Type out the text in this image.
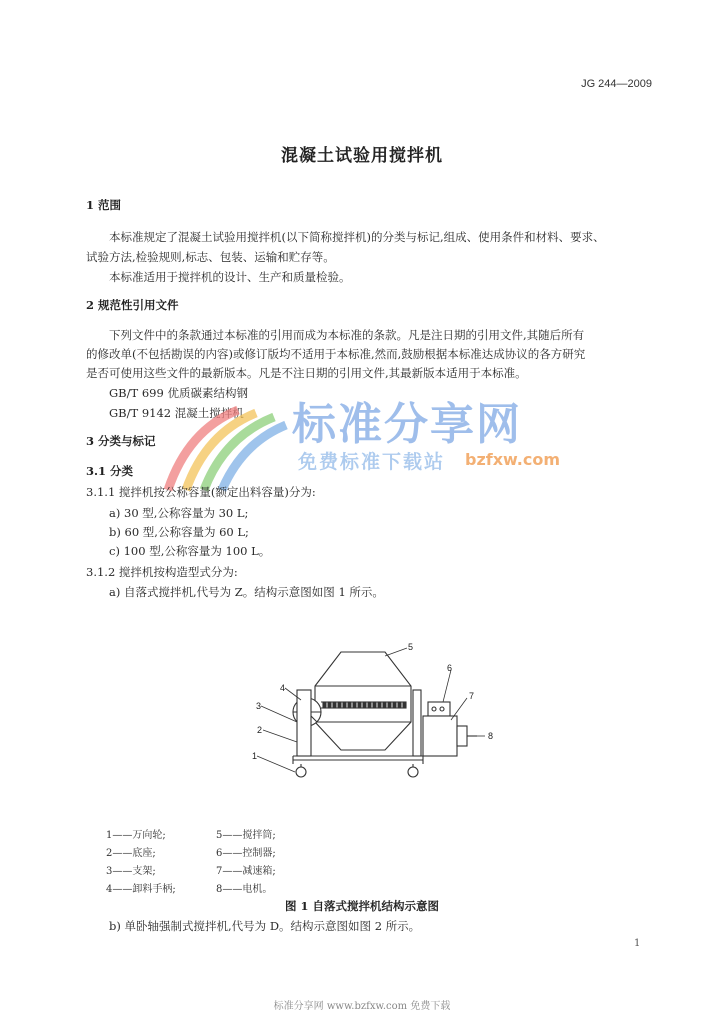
JG 244—2009
混凝土试验用搅拌机
1 范围
本标准规定了混凝土试验用搅拌机(以下简称搅拌机)的分类与标记,组成、使用条件和材料、要求、
试验方法,检验规则,标志、包装、运输和贮存等。
本标准适用于搅拌机的设计、生产和质量检验。
2 规范性引用文件
下列文件中的条款通过本标准的引用而成为本标准的条款。凡是注日期的引用文件,其随后所有
的修改单(不包括勘误的内容)或修订版均不适用于本标准,然而,鼓励根据本标准达成协议的各方研究
是否可使用这些文件的最新版本。凡是不注日期的引用文件,其最新版本适用于本标准。
GB/T 699 优质碳素结构钢
GB/T 9142 混凝土搅拌机 标准分享网
免费标准下载站 bzfxw.com
3 分类与标记
3.1 分类
3.1.1 搅拌机按公称容量(额定出料容量)分为:
a) 30 型,公称容量为 30 L;
b) 60 型,公称容量为 60 L;
c) 100 型,公称容量为 100 L。
3.1.2 搅拌机按构造型式分为:
a) 自落式搅拌机,代号为 Z。结构示意图如图 1 所示。
1
2
3
4
5
6
7
8
1——万向轮;
2——底座;
3——支架;
4——卸料手柄;
5——搅拌筒;
6——控制器;
7——减速箱;
8——电机。
图 1 自落式搅拌机结构示意图
b) 单卧轴强制式搅拌机,代号为 D。结构示意图如图 2 所示。
1
标准分享网 www.bzfxw.com 免费下载
